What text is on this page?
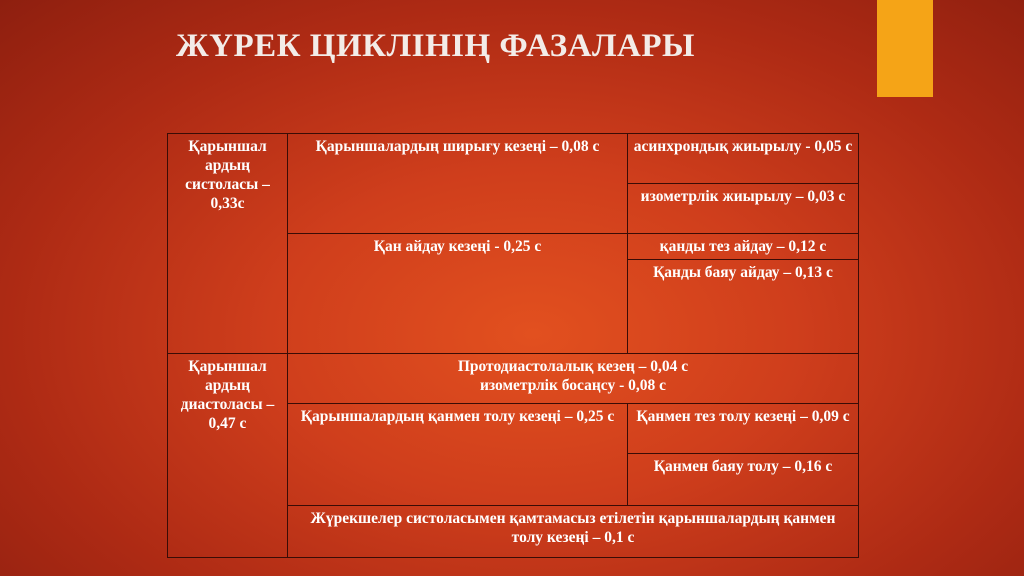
ЖҮРЕК ЦИКЛІНІҢ ФАЗАЛАРЫ
Қарыншал ардың систоласы – 0,33с	Қарыншалардың ширығу кезеңі – 0,08 с	асинхрондық жиырылу - 0,05 с
		изометрлік жиырылу – 0,03 с
	Қан айдау кезеңі - 0,25 с	қанды тез айдау – 0,12 с
		Қанды баяу айдау – 0,13 с
Қарыншал ардың диастоласы – 0,47 с	Протодиастолалық кезең – 0,04 с
изометрлік босаңсу - 0,08 с	

	Қарыншалардың қанмен толу кезеңі – 0,25 с	Қанмен тез толу кезеңі – 0,09 с
		Қанмен баяу толу – 0,16 с
	Жүрекшелер систоласымен қамтамасыз етілетін қарыншалардың қанмен толу кезеңі – 0,1 с	
